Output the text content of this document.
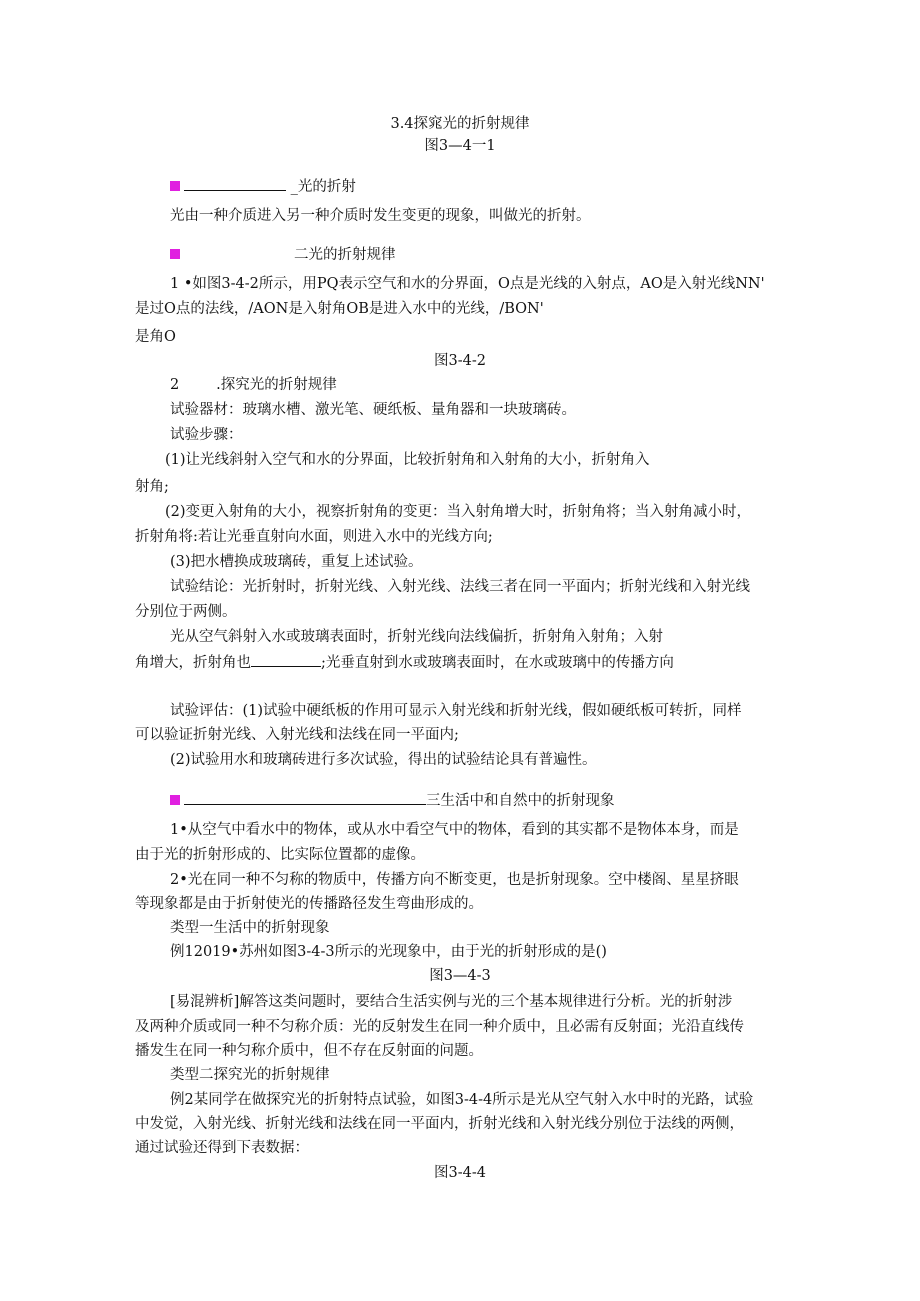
3.4探窕光的折射规律
图3—4一1
_光的折射
光由一种介质进入另一种介质时发生变更的现象，叫做光的折射。
二光的折射规律
1 •如图3-4-2所示，用PQ表示空气和水的分界面，O点是光线的入射点，AO是入射光线NN'
是过O点的法线，/AON是入射角OB是进入水中的光线，/BON'
是角O
图3-4-2
2        .探究光的折射规律
试验器材：玻璃水槽、激光笔、硬纸板、量角器和一块玻璃砖。
试验步骤：
(1)让光线斜射入空气和水的分界面，比较折射角和入射角的大小，折射角入
射角;
(2)变更入射角的大小，视察折射角的变更：当入射角增大时，折射角将；当入射角减小时，
折射角将:若让光垂直射向水面，则进入水中的光线方向;
(3)把水槽换成玻璃砖，重复上述试验。
试验结论：光折射时，折射光线、入射光线、法线三者在同一平面内；折射光线和入射光线
分别位于两侧。
光从空气斜射入水或玻璃表面时，折射光线向法线偏折，折射角入射角；入射
角增大，折射角也	;光垂直射到水或玻璃表面时，在水或玻璃中的传播方向
试验评估：(1)试验中硬纸板的作用可显示入射光线和折射光线，假如硬纸板可转折，同样
可以验证折射光线、入射光线和法线在同一平面内;
(2)试验用水和玻璃砖进行多次试验，得出的试验结论具有普遍性。
三生活中和自然中的折射现象
1•从空气中看水中的物体，或从水中看空气中的物体，看到的其实都不是物体本身，而是
由于光的折射形成的、比实际位置都的虚像。
2•光在同一种不匀称的物质中，传播方向不断变更，也是折射现象。空中楼阁、星星挤眼
等现象都是由于折射使光的传播路径发生弯曲形成的。
类型一生活中的折射现象
例12019•苏州如图3-4-3所示的光现象中，由于光的折射形成的是()
图3—4-3
[易混辨析]解答这类问题时，要结合生活实例与光的三个基本规律进行分析。光的折射涉
及两种介质或同一种不匀称介质：光的反射发生在同一种介质中，且必需有反射面；光沿直线传
播发生在同一种匀称介质中，但不存在反射面的问题。
类型二探究光的折射规律
例2某同学在做探究光的折射特点试验，如图3-4-4所示是光从空气射入水中时的光路，试验
中发觉，入射光线、折射光线和法线在同一平面内，折射光线和入射光线分别位于法线的两侧，
通过试验还得到下表数据：
图3-4-4
